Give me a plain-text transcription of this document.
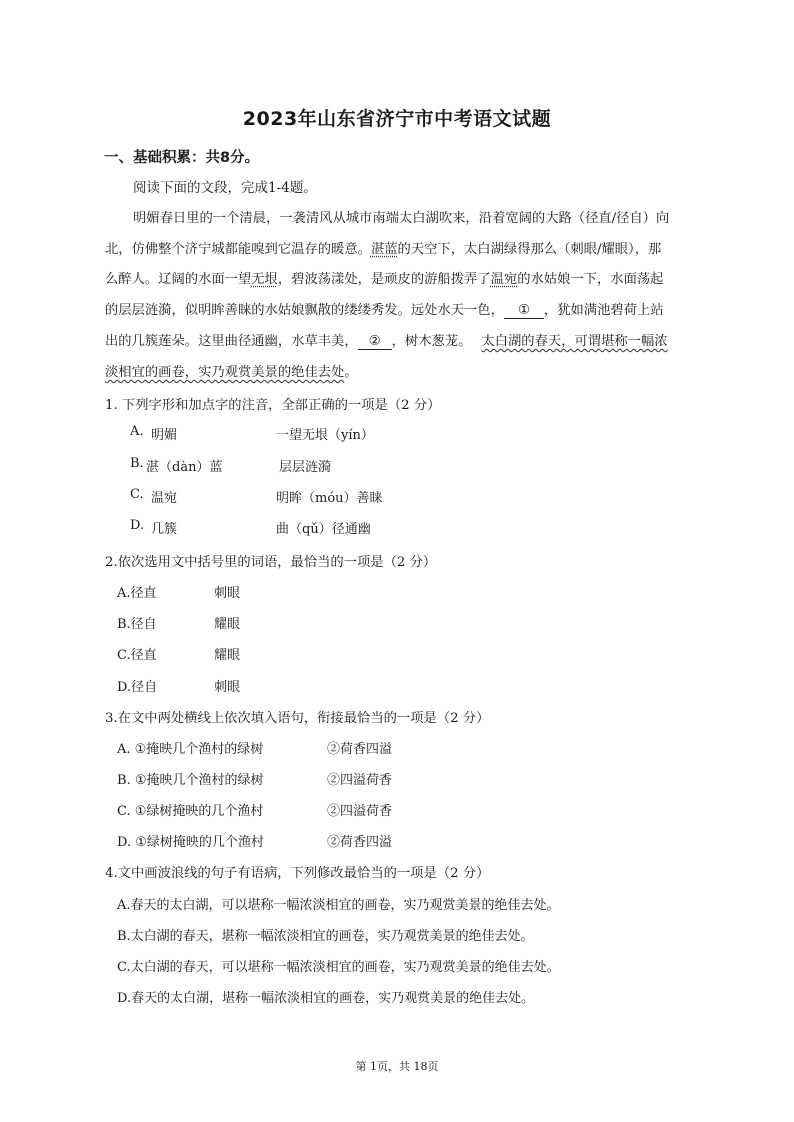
2023年山东省济宁市中考语文试题
一、基础积累：共8分。
阅读下面的文段，完成1-4题。
明媚春日里的一个清晨，一袭清风从城市南端太白湖吹来，沿着宽阔的大路（径直/径自）向
北，仿佛整个济宁城都能嗅到它温存的暖意。湛蓝的天空下，太白湖绿得那么（刺眼/耀眼），那
么醉人。辽阔的水面一望无垠，碧波荡漾处，是顽皮的游船拨弄了温宛的水姑娘一下，水面荡起
的层层涟漪，似明眸善睐的水姑娘飘散的缕缕秀发。远处水天一色， ① ，犹如满池碧荷上站
出的几簇莲朵。这里曲径通幽，水草丰美， ② ，树木葱茏。 太白湖的春天，可谓堪称一幅浓
淡相宜的画卷，实乃观赏美景的绝佳去处。
1. 下列字形和加点字的注音，全部正确的一项是（2 分）
A. 明媚	一望无垠（yín）
B. 湛（dàn）蓝	层层涟漪
C. 温宛	明眸（móu）善睐
D. 几簇	曲（qǔ）径通幽
2.依次选用文中括号里的词语，最恰当的一项是（2 分）
A.径直	刺眼
B.径自	耀眼
C.径直	耀眼
D.径自	刺眼
3.在文中两处横线上依次填入语句，衔接最恰当的一项是（2 分）
A. ①掩映几个渔村的绿树	②荷香四溢
B. ①掩映几个渔村的绿树	②四溢荷香
C. ①绿树掩映的几个渔村	②四溢荷香
D. ①绿树掩映的几个渔村	②荷香四溢
4.文中画波浪线的句子有语病，下列修改最恰当的一项是（2 分）
A.春天的太白湖，可以堪称一幅浓淡相宜的画卷，实乃观赏美景的绝佳去处。
B.太白湖的春天，堪称一幅浓淡相宜的画卷，实乃观赏美景的绝佳去处。
C.太白湖的春天，可以堪称一幅浓淡相宜的画卷，实乃观赏美景的绝佳去处。
D.春天的太白湖，堪称一幅浓淡相宜的画卷，实乃观赏美景的绝佳去处。
第 1页，共 18页
